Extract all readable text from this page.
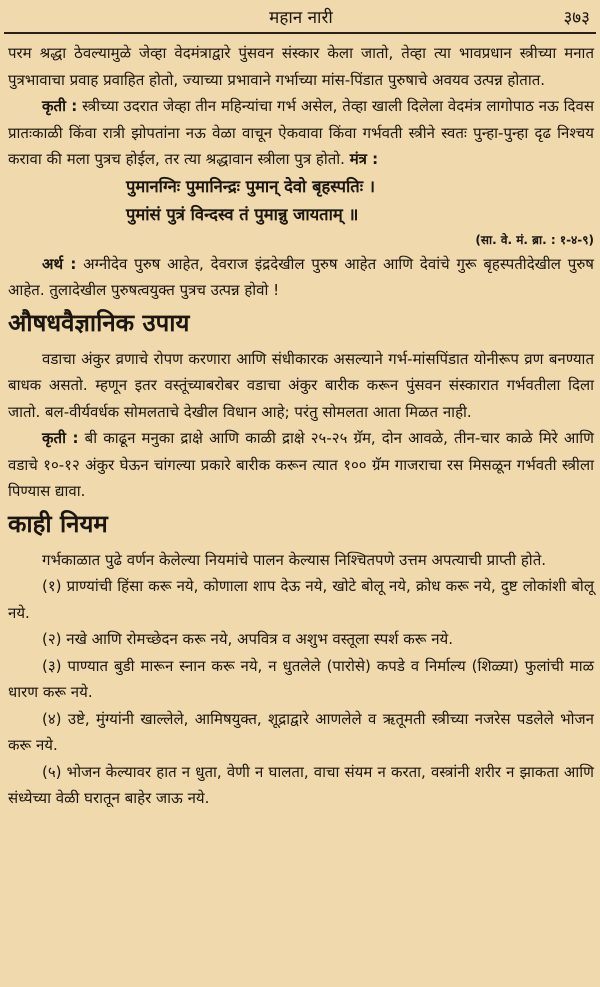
महान नारी	३७३

परम श्रद्धा ठेवल्यामुळे जेव्हा वेदमंत्राद्वारे पुंसवन संस्कार केला जातो, तेव्हा त्या भावप्रधान स्त्रीच्या मनात पुत्रभावाचा प्रवाह प्रवाहित होतो, ज्याच्या प्रभावाने गर्भाच्या मांस-पिंडात पुरुषाचे अवयव उत्पन्न होतात.

कृती : स्त्रीच्या उदरात जेव्हा तीन महिन्यांचा गर्भ असेल, तेव्हा खाली दिलेला वेदमंत्र लागोपाठ नऊ दिवस प्रातःकाळी किंवा रात्री झोपतांना नऊ वेळा वाचून ऐकवावा किंवा गर्भवती स्त्रीने स्वतः पुन्हा-पुन्हा दृढ निश्चय करावा की मला पुत्रच होईल, तर त्या श्रद्धावान स्त्रीला पुत्र होतो. मंत्र :

पुमानग्निः पुमानिन्द्रः पुमान् देवो बृहस्पतिः ।

पुमांसं पुत्रं विन्दस्व तं पुमान्नु जायताम् ॥

(सा. वे. मं. ब्रा. : १-४-९)

अर्थ : अग्नीदेव पुरुष आहेत, देवराज इंद्रदेखील पुरुष आहेत आणि देवांचे गुरू बृहस्पतीदेखील पुरुष आहेत. तुलादेखील पुरुषत्वयुक्त पुत्रच उत्पन्न होवो !

औषधवैज्ञानिक उपाय

वडाचा अंकुर व्रणाचे रोपण करणारा आणि संधीकारक असल्याने गर्भ-मांसपिंडात योनीरूप व्रण बनण्यात बाधक असतो. म्हणून इतर वस्तूंच्याबरोबर वडाचा अंकुर बारीक करून पुंसवन संस्कारात गर्भवतीला दिला जातो. बल-वीर्यवर्धक सोमलताचे देखील विधान आहे; परंतु सोमलता आता मिळत नाही.

कृती : बी काढून मनुका द्राक्षे आणि काळी द्राक्षे २५-२५ ग्रॅम, दोन आवळे, तीन-चार काळे मिरे आणि वडाचे १०-१२ अंकुर घेऊन चांगल्या प्रकारे बारीक करून त्यात १०० ग्रॅम गाजराचा रस मिसळून गर्भवती स्त्रीला पिण्यास द्यावा.

काही नियम

गर्भकाळात पुढे वर्णन केलेल्या नियमांचे पालन केल्यास निश्चितपणे उत्तम अपत्याची प्राप्ती होते.

(१) प्राण्यांची हिंसा करू नये, कोणाला शाप देऊ नये, खोटे बोलू नये, क्रोध करू नये, दुष्ट लोकांशी बोलू नये.

(२) नखे आणि रोमच्छेदन करू नये, अपवित्र व अशुभ वस्तूला स्पर्श करू नये.

(३) पाण्यात बुडी मारून स्नान करू नये, न धुतलेले (पारोसे) कपडे व निर्माल्य (शिळ्या) फुलांची माळ धारण करू नये.

(४) उष्टे, मुंग्यांनी खाल्लेले, आमिषयुक्त, शूद्राद्वारे आणलेले व ऋतूमती स्त्रीच्या नजरेस पडलेले भोजन करू नये.

(५) भोजन केल्यावर हात न धुता, वेणी न घालता, वाचा संयम न करता, वस्त्रांनी शरीर न झाकता आणि संध्येच्या वेळी घरातून बाहेर जाऊ नये.
